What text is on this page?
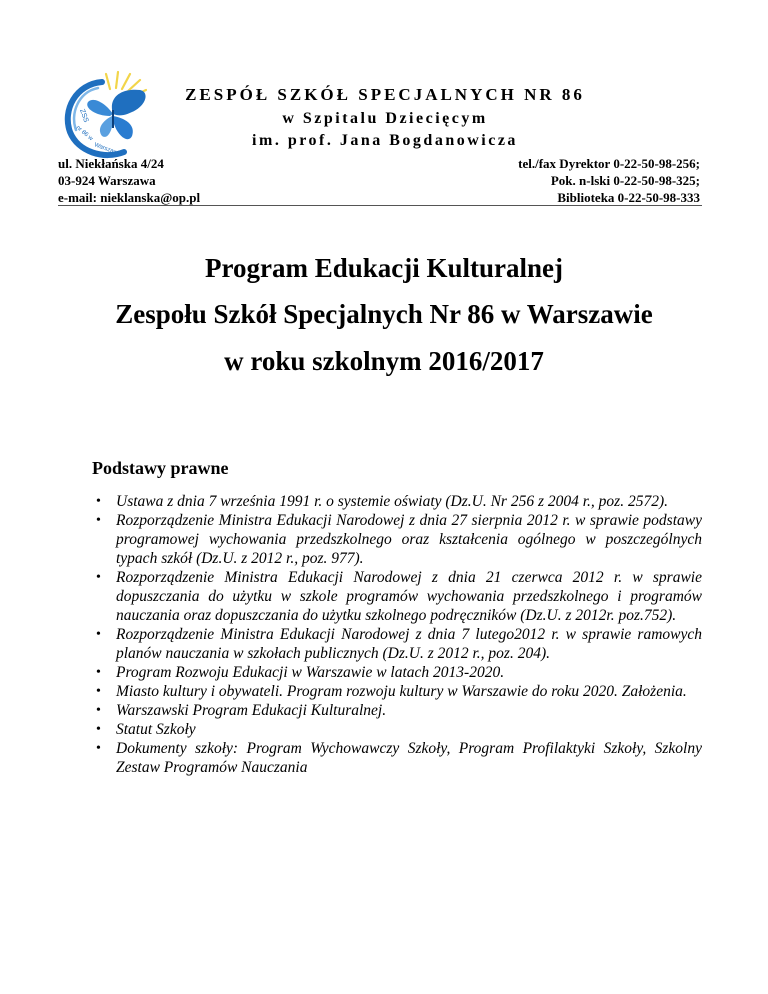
ZSS
nr 86 w
Warszawie
ZESPÓŁ SZKÓŁ SPECJALNYCH NR 86
w Szpitalu Dziecięcym
im. prof. Jana Bogdanowicza
ul. Niekłańska 4/24
03-924 Warszawa
e-mail: nieklanska@op.pl
tel./fax Dyrektor 0-22-50-98-256;
Pok. n-lski 0-22-50-98-325;
Biblioteka 0-22-50-98-333
Program Edukacji Kulturalnej
Zespołu Szkół Specjalnych Nr 86 w Warszawie
w roku szkolnym 2016/2017
Podstawy prawne
• Ustawa z dnia 7 września 1991 r. o systemie oświaty (Dz.U. Nr 256 z 2004 r., poz. 2572).
• Rozporządzenie Ministra Edukacji Narodowej z dnia 27 sierpnia 2012 r. w sprawie podstawy programowej wychowania przedszkolnego oraz kształcenia ogólnego w poszczególnych typach szkół (Dz.U. z 2012 r., poz. 977).
• Rozporządzenie Ministra Edukacji Narodowej z dnia 21 czerwca 2012 r. w sprawie dopuszczania do użytku w szkole programów wychowania przedszkolnego i programów nauczania oraz dopuszczania do użytku szkolnego podręczników (Dz.U. z 2012r. poz.752).
• Rozporządzenie Ministra Edukacji Narodowej z dnia 7 lutego2012 r. w sprawie ramowych planów nauczania w szkołach publicznych (Dz.U. z 2012 r., poz. 204).
• Program Rozwoju Edukacji w Warszawie w latach 2013-2020.
• Miasto kultury i obywateli. Program rozwoju kultury w Warszawie do roku 2020. Założenia.
• Warszawski Program Edukacji Kulturalnej.
• Statut Szkoły
• Dokumenty szkoły: Program Wychowawczy Szkoły, Program Profilaktyki Szkoły, Szkolny Zestaw Programów Nauczania
